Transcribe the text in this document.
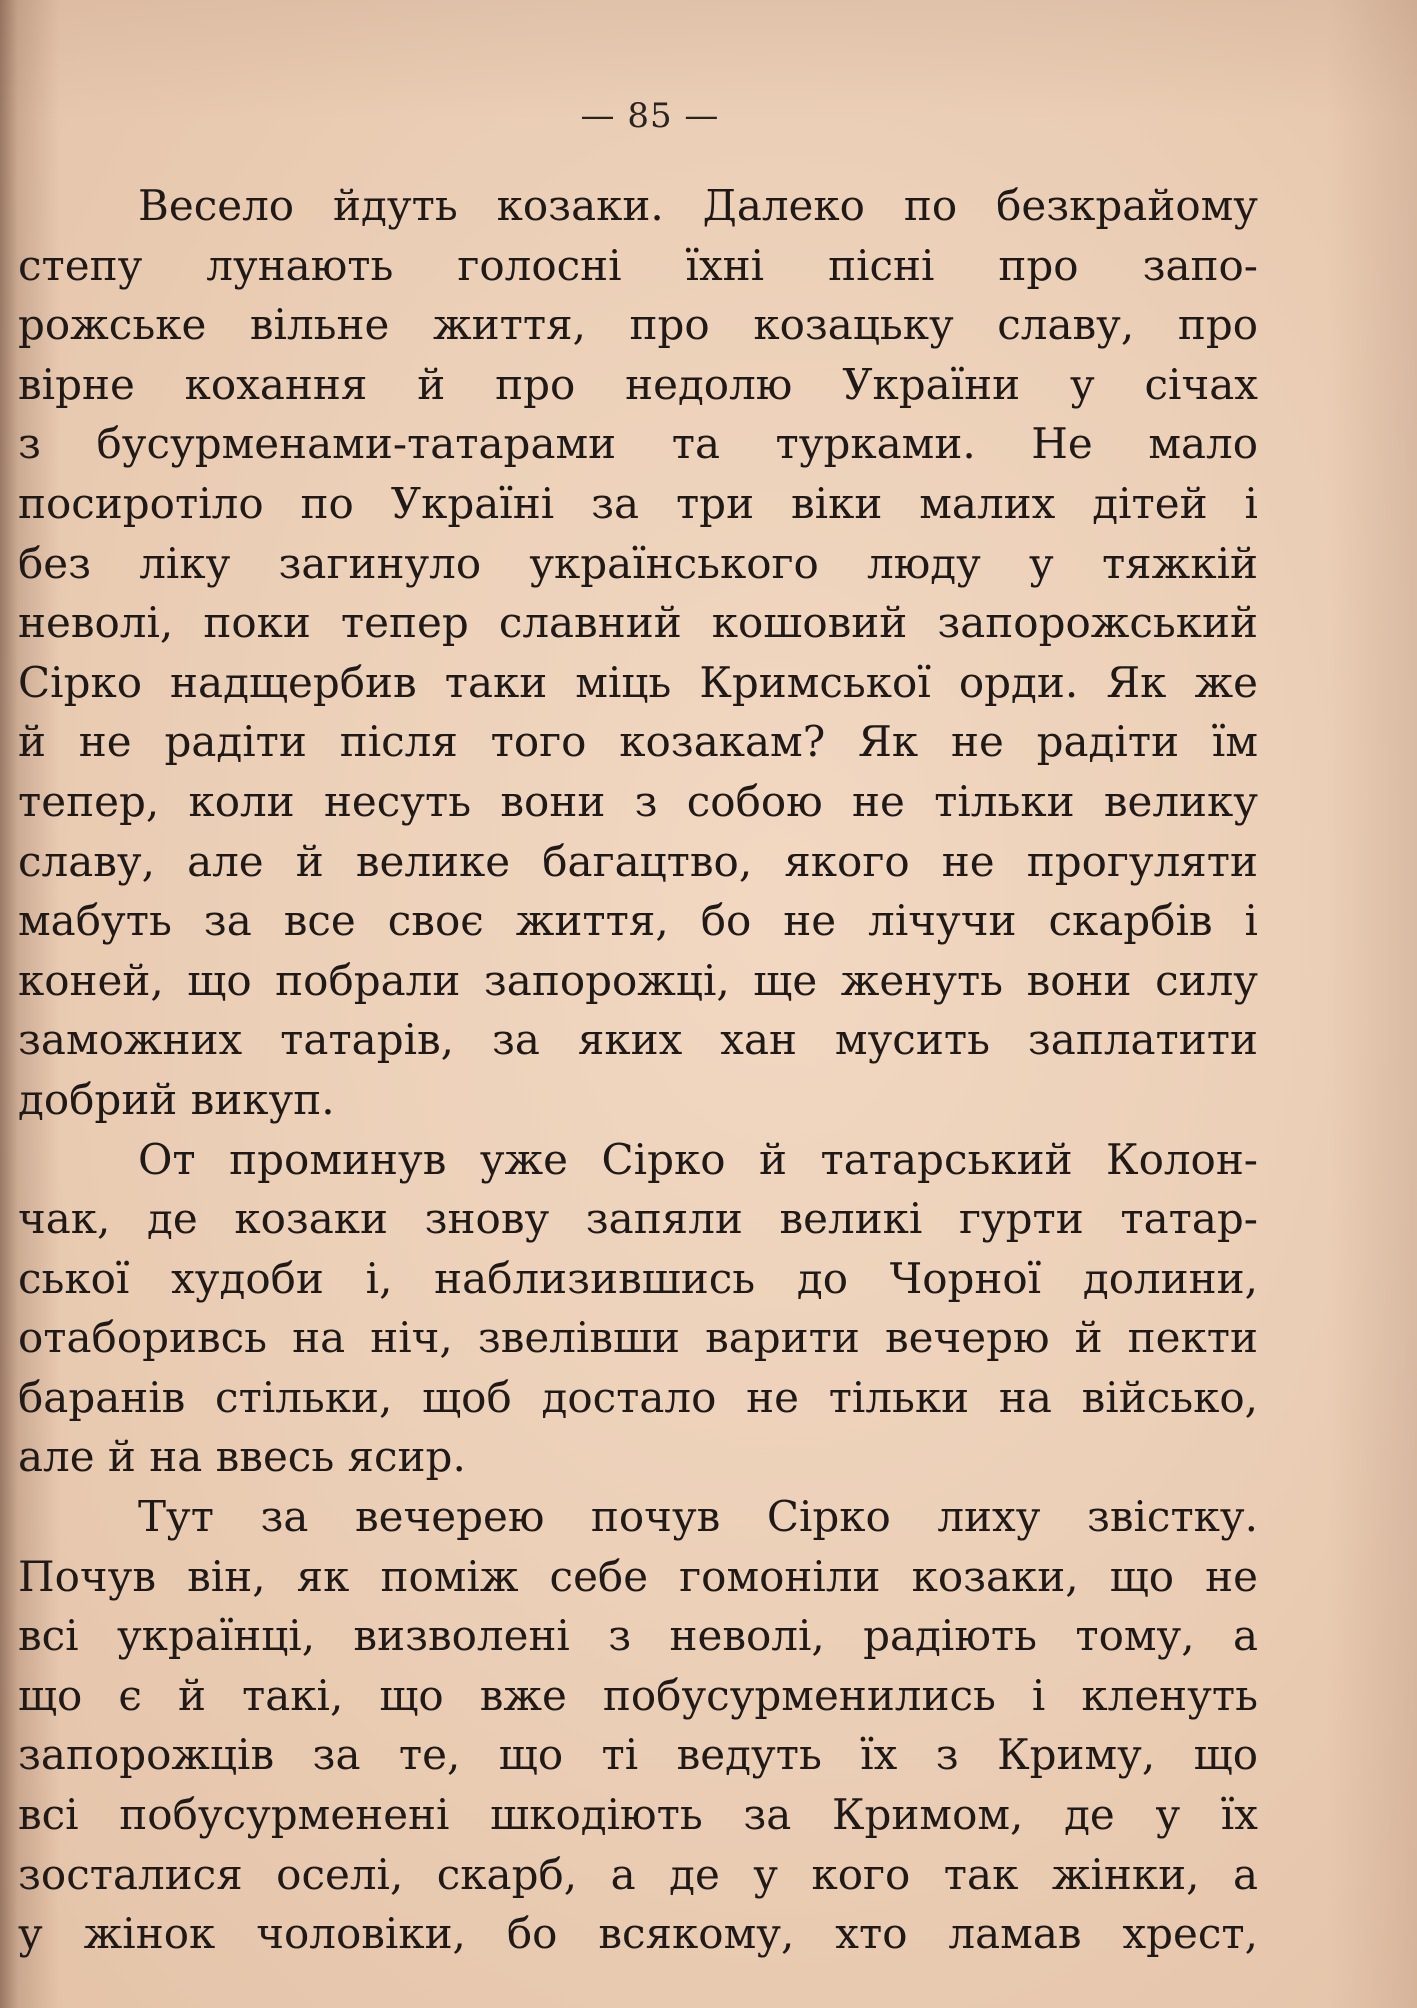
— 85 —
Весело йдуть козаки. Далеко по безкрайому
степу лунають голосні їхні пісні про запо-
рожське вільне життя, про козацьку славу, про
вірне кохання й про недолю України у січах
з бусурменами-татарами та турками. Не мало
посиротіло по Україні за три віки малих дітей і
без ліку загинуло українського люду у тяжкій
неволі, поки тепер славний кошовий запорожський
Сірко надщербив таки міць Кримської орди. Як же
й не радіти після того козакам? Як не радіти їм
тепер, коли несуть вони з собою не тільки велику
славу, але й велике багацтво, якого не прогуляти
мабуть за все своє життя, бо не лічучи скарбів і
коней, що побрали запорожці, ще женуть вони силу
заможних татарів, за яких хан мусить заплатити
добрий викуп.
От проминув уже Сірко й татарський Колон-
чак, де козаки знову запяли великі гурти татар-
ської худоби і, наблизившись до Чорної долини,
отаборивсь на ніч, звелівши варити вечерю й пекти
баранів стільки, щоб досталo не тільки на військо,
але й на ввесь ясир.
Тут за вечерею почув Сірко лиху звістку.
Почув він, як поміж себе гомоніли козаки, що не
всі українці, визволені з неволі, радіють тому, а
що є й такі, що вже побусурменились і кленуть
запорожців за те, що ті ведуть їх з Криму, що
всі побусурменені шкодіють за Кримом, де у їх
зосталися оселі, скарб, а де у кого так жінки, а
у жінок чоловіки, бо всякому, хто ламав хрест,
